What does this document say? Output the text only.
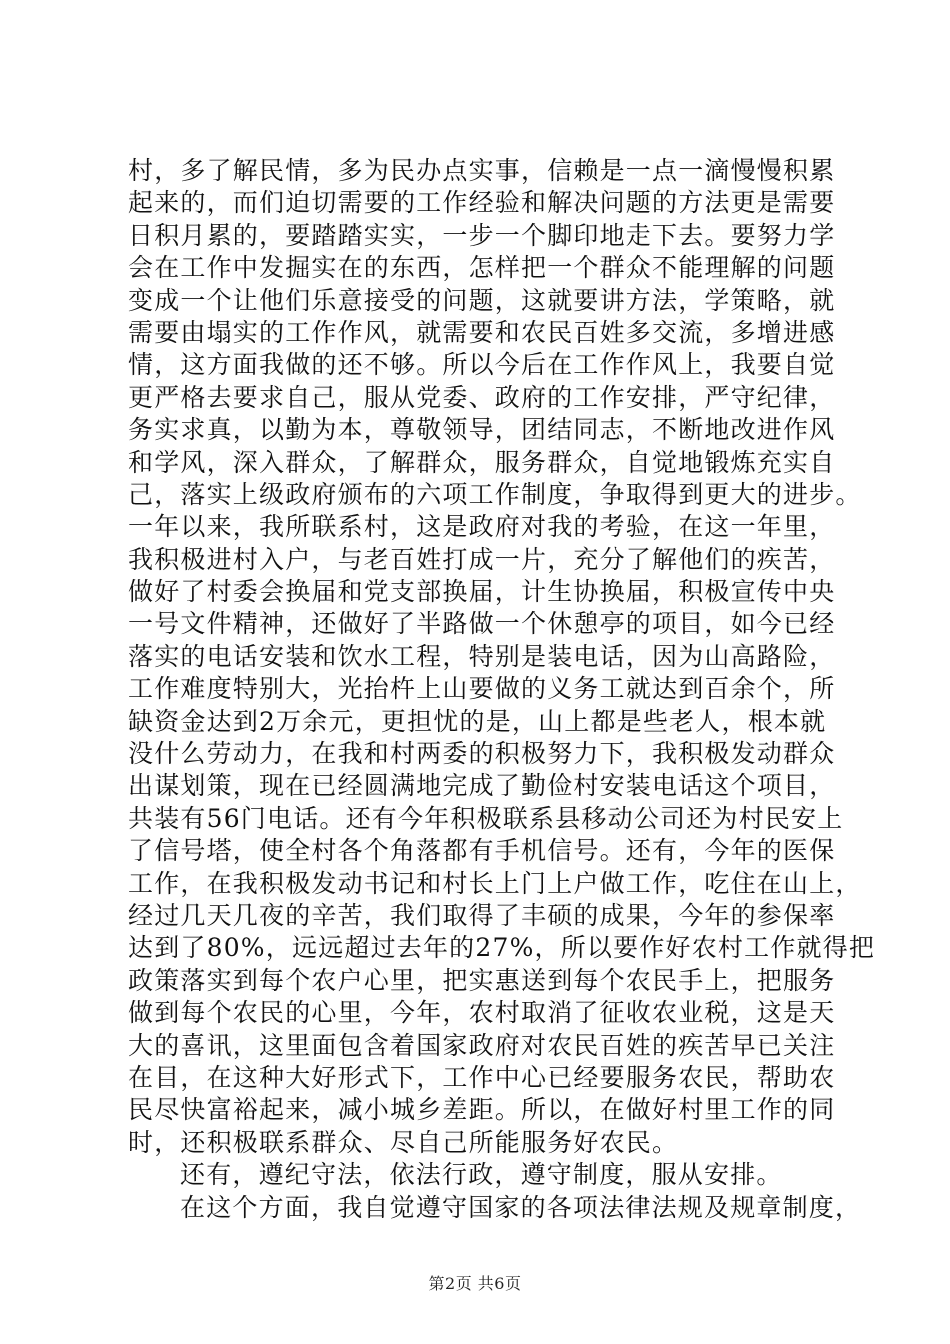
村，多了解民情，多为民办点实事，信赖是一点一滴慢慢积累
起来的，而们迫切需要的工作经验和解决问题的方法更是需要
日积月累的，要踏踏实实，一步一个脚印地走下去。要努力学
会在工作中发掘实在的东西，怎样把一个群众不能理解的问题
变成一个让他们乐意接受的问题，这就要讲方法，学策略，就
需要由塌实的工作作风，就需要和农民百姓多交流，多增进感
情，这方面我做的还不够。所以今后在工作作风上，我要自觉
更严格去要求自己，服从党委、政府的工作安排，严守纪律，
务实求真，以勤为本，尊敬领导，团结同志，不断地改进作风
和学风，深入群众，了解群众，服务群众，自觉地锻炼充实自
己，落实上级政府颁布的六项工作制度，争取得到更大的进步。
一年以来，我所联系村，这是政府对我的考验，在这一年里，
我积极进村入户，与老百姓打成一片，充分了解他们的疾苦，
做好了村委会换届和党支部换届，计生协换届，积极宣传中央
一号文件精神，还做好了半路做一个休憩亭的项目，如今已经
落实的电话安装和饮水工程，特别是装电话，因为山高路险，
工作难度特别大，光抬杵上山要做的义务工就达到百余个，所
缺资金达到2万余元，更担忧的是，山上都是些老人，根本就
没什么劳动力，在我和村两委的积极努力下，我积极发动群众
出谋划策，现在已经圆满地完成了勤俭村安装电话这个项目，
共装有56门电话。还有今年积极联系县移动公司还为村民安上
了信号塔，使全村各个角落都有手机信号。还有，今年的医保
工作，在我积极发动书记和村长上门上户做工作，吃住在山上，
经过几天几夜的辛苦，我们取得了丰硕的成果，今年的参保率
达到了80%，远远超过去年的27%，所以要作好农村工作就得把
政策落实到每个农户心里，把实惠送到每个农民手上，把服务
做到每个农民的心里，今年，农村取消了征收农业税，这是天
大的喜讯，这里面包含着国家政府对农民百姓的疾苦早已关注
在目，在这种大好形式下，工作中心已经要服务农民，帮助农
民尽快富裕起来，减小城乡差距。所以，在做好村里工作的同
时，还积极联系群众、尽自己所能服务好农民。
还有，遵纪守法，依法行政，遵守制度，服从安排。
在这个方面，我自觉遵守国家的各项法律法规及规章制度，
第2页 共6页
